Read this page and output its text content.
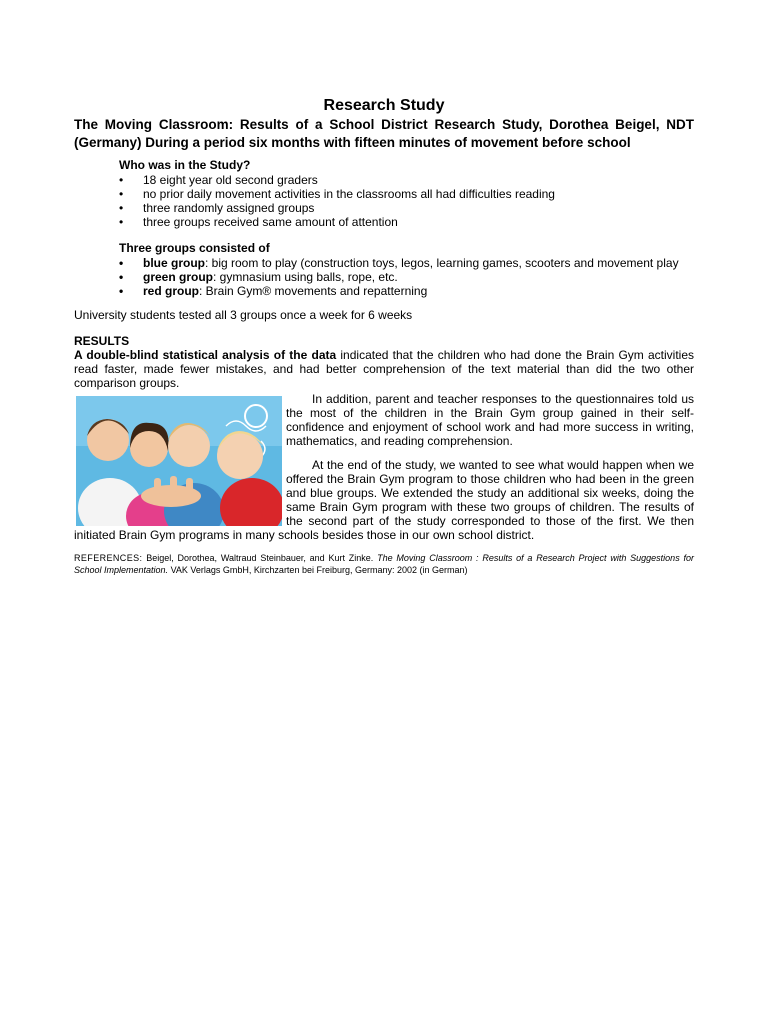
Research Study

The Moving Classroom: Results of a School District Research Study, Dorothea Beigel, NDT (Germany) During a period six months with fifteen minutes of movement before school

Who was in the Study?
• 18 eight year old second graders
• no prior daily movement activities in the classrooms all had difficulties reading
• three randomly assigned groups
• three groups received same amount of attention
Three groups consisted of
• blue group: big room to play (construction toys, legos, learning games, scooters and movement play
• green group: gymnasium using balls, rope, etc.
• red group: Brain Gym® movements and repatterning

University students tested all 3 groups once a week for 6 weeks

RESULTS

A double-blind statistical analysis of the data indicated that the children who had done the Brain Gym activities read faster, made fewer mistakes, and had better comprehension of the text material than did the two other comparison groups.

In addition, parent and teacher responses to the questionnaires told us the most of the children in the Brain Gym group gained in their self-confidence and enjoyment of school work and had more success in writing, mathematics, and reading comprehension.

At the end of the study, we wanted to see what would happen when we offered the Brain Gym program to those children who had been in the green and blue groups. We extended the study an additional six weeks, doing the same Brain Gym program with these two groups of children. The results of the second part of the study corresponded to those of the first. We then initiated Brain Gym programs in many schools besides those in our own school district.

REFERENCES: Beigel, Dorothea, Waltraud Steinbauer, and Kurt Zinke. The Moving Classroom : Results of a Research Project with Suggestions for School Implementation. VAK Verlags GmbH, Kirchzarten bei Freiburg, Germany: 2002 (in German)
